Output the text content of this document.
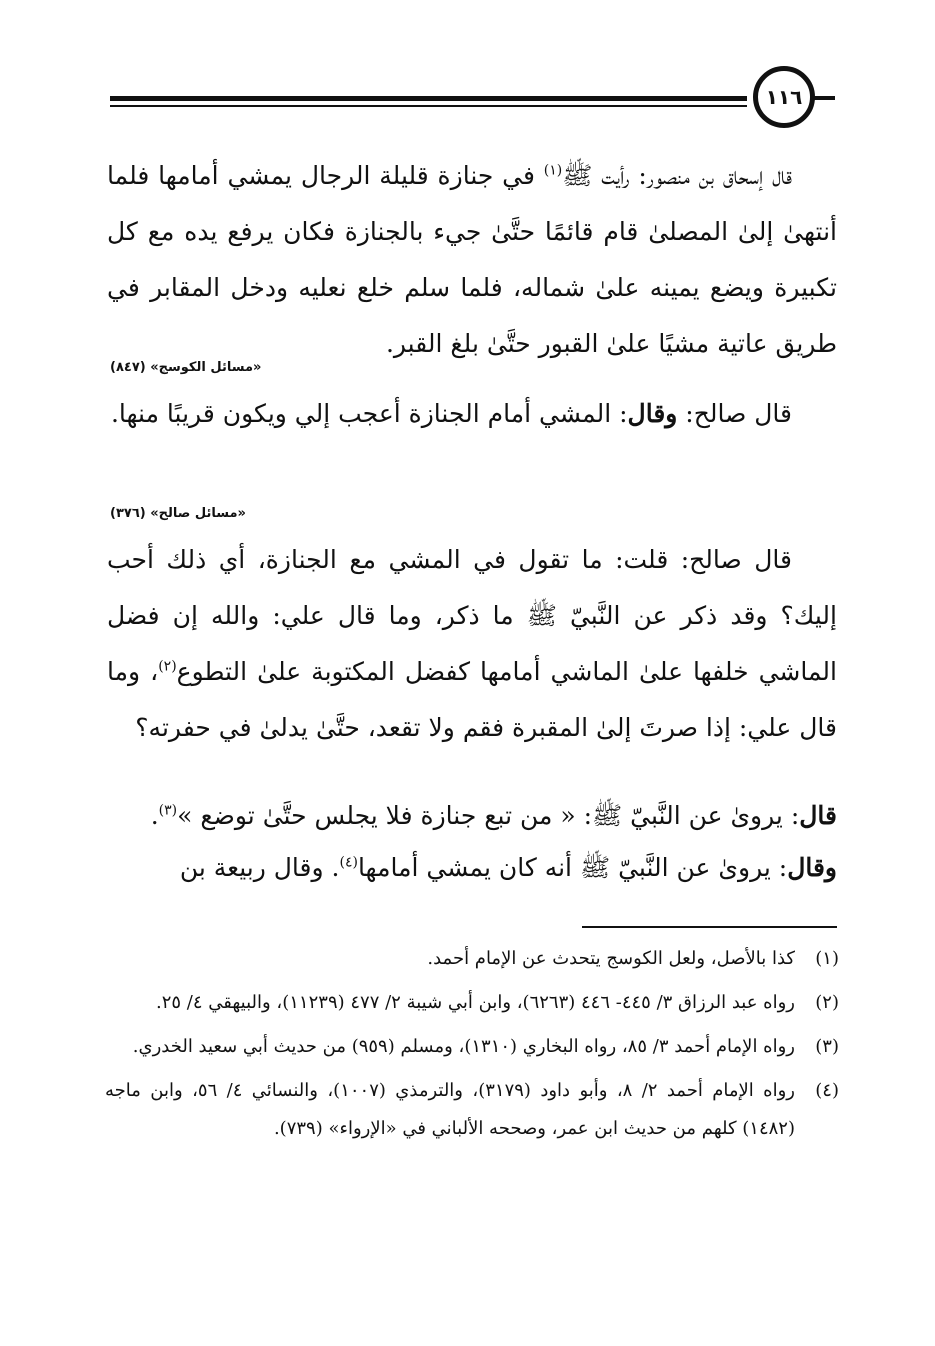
١١٦

قال إسحاق بن منصور: رأيت ﷺ$^{(١)}$ في جنازة قليلة الرجال يمشي أمامها فلما أنتهىٰ إلىٰ المصلىٰ قام قائمًا حتَّىٰ جيء بالجنازة فكان يرفع يده مع كل تكبيرة ويضع يمينه علىٰ شماله، فلما سلم خلع نعليه ودخل المقابر في طريق عاتية مشيًا علىٰ القبور حتَّىٰ بلغ القبر.

«مسائل الكوسج» (٨٤٧)

قال صالح: وقال: المشي أمام الجنازة أعجب إلي ويكون قريبًا منها.

«مسائل صالح» (٣٧٦)

قال صالح: قلت: ما تقول في المشي مع الجنازة، أي ذلك أحب إليك؟ وقد ذكر عن النَّبيّ ﷺ ما ذكر، وما قال علي: والله إن فضل الماشي خلفها علىٰ الماشي أمامها كفضل المكتوبة علىٰ التطوع$^{(٢)}$، وما قال علي: إذا صرتَ إلىٰ المقبرة فقم ولا تقعد، حتَّىٰ يدلىٰ في حفرته؟

قال: يروىٰ عن النَّبيّ ﷺ: « من تبع جنازة فلا يجلس حتَّىٰ توضع »$^{(٣)}$.

وقال: يروىٰ عن النَّبيّ ﷺ أنه كان يمشي أمامها$^{(٤)}$. وقال ربيعة بن

(١)
كذا بالأصل، ولعل الكوسج يتحدث عن الإمام أحمد.
(٢)
رواه عبد الرزاق ٣/ ٤٤٥- ٤٤٦ (٦٢٦٣)، وابن أبي شيبة ٢/ ٤٧٧ (١١٢٣٩)، والبيهقي ٤/ ٢٥.
(٣)
رواه الإمام أحمد ٣/ ٨٥، رواه البخاري (١٣١٠)، ومسلم (٩٥٩) من حديث أبي سعيد الخدري.
(٤)
رواه الإمام أحمد ٢/ ٨، وأبو داود (٣١٧٩)، والترمذي (١٠٠٧)، والنسائي ٤/ ٥٦، وابن ماجه (١٤٨٢) كلهم من حديث ابن عمر، وصححه الألباني في «الإرواء» (٧٣٩).
